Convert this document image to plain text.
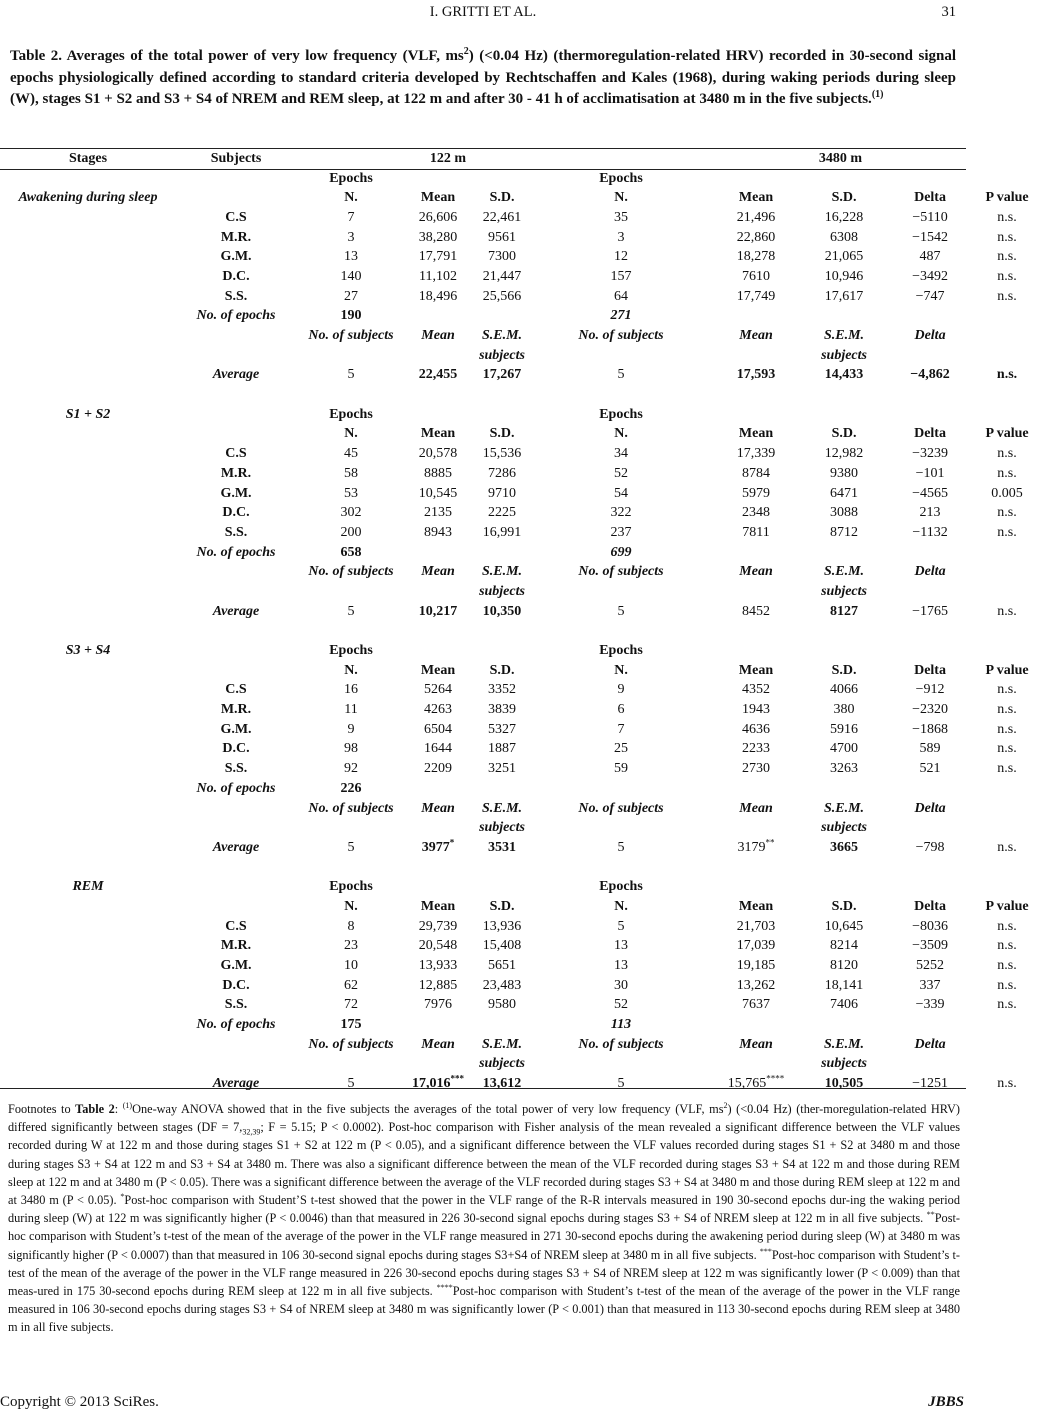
I. GRITTI ET AL.	31
Table 2. Averages of the total power of very low frequency (VLF, $ms^2$) (<0.04 Hz) (thermoregulation-related HRV) recorded in 30-second signal epochs physiologically defined according to standard criteria developed by Rechtschaffen and Kales (1968), during waking periods during sleep (W), stages S1 + S2 and S3 + S4 of NREM and REM sleep, at 122 m and after 30 - 41 h of acclimatisation at 3480 m in the five subjects.$^{(1)}$
Stages	Subjects	122 m			3480 m				
		Epochs			Epochs				
Awakening during sleep		N.	Mean	S.D.	N.	Mean	S.D.	Delta	P value
	C.S	7	26,606	22,461	35	21,496	16,228	−5110	n.s.
	M.R.	3	38,280	9561	3	22,860	6308	−1542	n.s.
	G.M.	13	17,791	7300	12	18,278	21,065	487	n.s.
	D.C.	140	11,102	21,447	157	7610	10,946	−3492	n.s.
	S.S.	27	18,496	25,566	64	17,749	17,617	−747	n.s.
	No. of epochs	190			271				
		No. of subjects	Mean	S.E.M.	No. of subjects	Mean	S.E.M.	Delta	
				subjects			subjects		
	Average	5	22,455	17,267	5	17,593	14,433	−4,862	n.s.

S1 + S2		Epochs			Epochs				
		N.	Mean	S.D.	N.	Mean	S.D.	Delta	P value
	C.S	45	20,578	15,536	34	17,339	12,982	−3239	n.s.
	M.R.	58	8885	7286	52	8784	9380	−101	n.s.
	G.M.	53	10,545	9710	54	5979	6471	−4565	0.005
	D.C.	302	2135	2225	322	2348	3088	213	n.s.
	S.S.	200	8943	16,991	237	7811	8712	−1132	n.s.
	No. of epochs	658			699				
		No. of subjects	Mean	S.E.M.	No. of subjects	Mean	S.E.M.	Delta	
				subjects			subjects		
	Average	5	10,217	10,350	5	8452	8127	−1765	n.s.

S3 + S4		Epochs			Epochs				
		N.	Mean	S.D.	N.	Mean	S.D.	Delta	P value
	C.S	16	5264	3352	9	4352	4066	−912	n.s.
	M.R.	11	4263	3839	6	1943	380	−2320	n.s.
	G.M.	9	6504	5327	7	4636	5916	−1868	n.s.
	D.C.	98	1644	1887	25	2233	4700	589	n.s.
	S.S.	92	2209	3251	59	2730	3263	521	n.s.
	No. of epochs	226							
		No. of subjects	Mean	S.E.M.	No. of subjects	Mean	S.E.M.	Delta	
				subjects			subjects		
	Average	5	3977*	3531	5	3179**	3665	−798	n.s.

REM		Epochs			Epochs				
		N.	Mean	S.D.	N.	Mean	S.D.	Delta	P value
	C.S	8	29,739	13,936	5	21,703	10,645	−8036	n.s.
	M.R.	23	20,548	15,408	13	17,039	8214	−3509	n.s.
	G.M.	10	13,933	5651	13	19,185	8120	5252	n.s.
	D.C.	62	12,885	23,483	30	13,262	18,141	337	n.s.
	S.S.	72	7976	9580	52	7637	7406	−339	n.s.
	No. of epochs	175			113				
		No. of subjects	Mean	S.E.M.	No. of subjects	Mean	S.E.M.	Delta	
				subjects			subjects		
	Average	5	17,016***	13,612	5	15,765****	10,505	−1251	n.s.
Footnotes to Table 2: $^{(1)}$One-way ANOVA showed that in the five subjects the averages of the total power of very low frequency (VLF, $ms^2$) (<0.04 Hz) (ther-moregulation-related HRV) differed significantly between stages ($DF = 7,_{32,39}$; F = 5.15; P < 0.0002). Post-hoc comparison with Fisher analysis of the mean revealed a significant difference between the VLF values recorded during W at 122 m and those during stages S1 + S2 at 122 m (P < 0.05), and a significant difference between the VLF values recorded during stages S1 + S2 at 3480 m and those during stages S3 + S4 at 122 m and S3 + S4 at 3480 m. There was also a significant difference between the mean of the VLF recorded during stages S3 + S4 at 122 m and those during REM sleep at 122 m and at 3480 m (P < 0.05). There was a significant difference between the average of the VLF recorded during stages S3 + S4 at 3480 m and those during REM sleep at 122 m and at 3480 m (P < 0.05). *Post-hoc comparison with Student’S t-test showed that the power in the VLF range of the R-R intervals measured in 190 30-second epochs dur-ing the waking period during sleep (W) at 122 m was significantly higher (P < 0.0046) than that measured in 226 30-second signal epochs during stages S3 + S4 of NREM sleep at 122 m in all five subjects. **Post-hoc comparison with Student’s t-test of the mean of the average of the power in the VLF range measured in 271 30-second epochs during the awakening period during sleep (W) at 3480 m was significantly higher (P < 0.0007) than that measured in 106 30-second signal epochs during stages S3+S4 of NREM sleep at 3480 m in all five subjects. ***Post-hoc comparison with Student’s t-test of the mean of the average of the power in the VLF range measured in 226 30-second epochs during stages S3 + S4 of NREM sleep at 122 m was significantly lower (P < 0.009) than that meas-ured in 175 30-second epochs during REM sleep at 122 m in all five subjects. ****Post-hoc comparison with Student’s t-test of the mean of the average of the power in the VLF range measured in 106 30-second epochs during stages S3 + S4 of NREM sleep at 3480 m was significantly lower (P < 0.001) than that measured in 113 30-second epochs during REM sleep at 3480 m in all five subjects.
Copyright © 2013 SciRes.	JBBS
